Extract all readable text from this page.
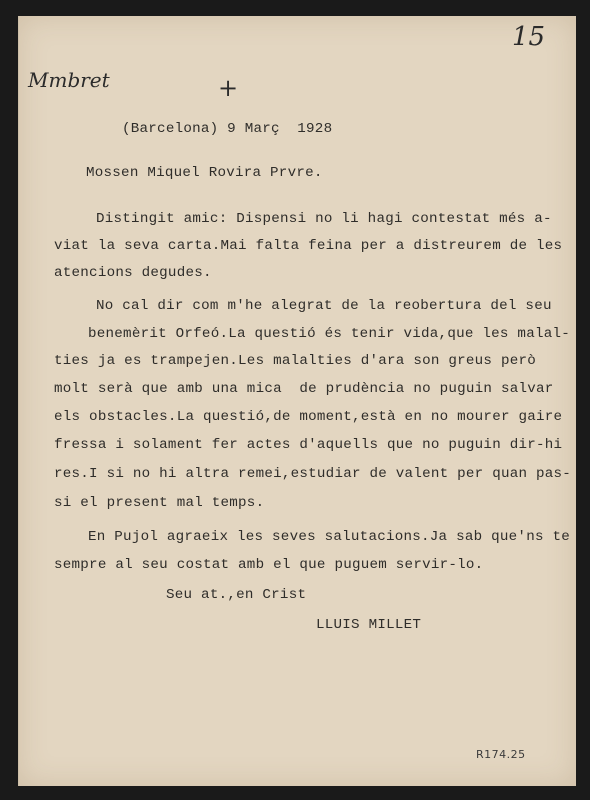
15
Mmbret	+
(Barcelona) 9 Març  1928
Mossen Miquel Rovira Prvre.
Distingit amic: Dispensi no li hagi contestat més a-
viat la seva carta.Mai falta feina per a distreurem de les
atencions degudes.
No cal dir com m'he alegrat de la reobertura del seu
benemèrit Orfeó.La questió és tenir vida,que les malal-
ties ja es trampejen.Les malalties d'ara son greus però
molt serà que amb una mica  de prudència no puguin salvar
els obstacles.La questió,de moment,està en no mourer gaire
fressa i solament fer actes d'aquells que no puguin dir-hi
res.I si no hi altra remei,estudiar de valent per quan pas-
si el present mal temps.
En Pujol agraeix les seves salutacions.Ja sab que'ns te
sempre al seu costat amb el que puguem servir-lo.
Seu at.,en Crist
LLUIS MILLET
R174.25
